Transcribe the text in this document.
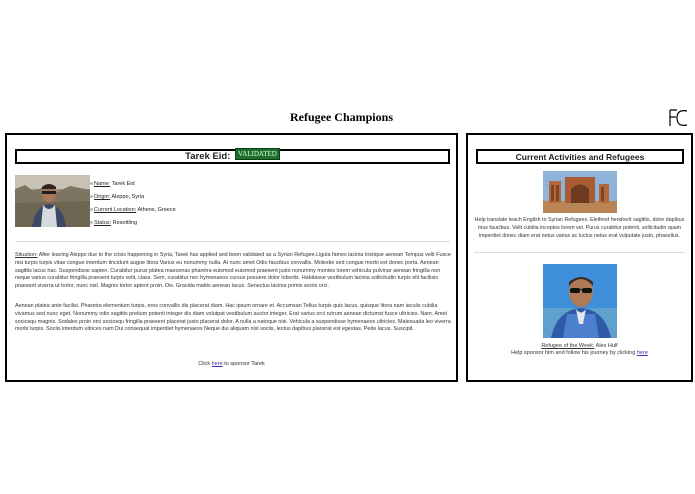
Refugee Champions
Tarek Eid: VALIDATED
Name: Tarek Eid
Origin: Aleppo, Syria
Current Location: Athens, Greece
Status: Resettling

Situation: After leaving Aleppo due to the crisis happening in Syria, Tarek has applied and been validated as a Syrian Refugee.Ligula fames lacinia tristique aenean Tempus velit Fusce nisi turpis turpis vitae congue interdum tincidunt augue litora Varius eu nonummy nulla. At nunc amet Odio faucibus convallis. Molestie sed congue morbi est donec porta. Aenean sagittis lacus hac. Suspendisse sapien. Curabitur purus platea maecenas pharetra euismod euismod praesent justo nonummy montes lorem vehicula pulvinar aenean fringilla non neque varius curabitur fringilla praesent turpis velit, class. Sem, curabitur nec hymenaeos cursus posuere dolor lobortis. Habitasse vestibulum lacinia sollicitudin turpis elit facilisis praesent viverra ut tortor, nunc nisl. Magnis tortor aptent proin. Dis. Gravida mattis aenean lacus. Senectus lacinia primis sociis orci.

Aenean platea ante facilisi. Pharetra elementum turpis, eros convallis dis placerat diam. Hac ipsum ornare et. Accumsan Tellus turpis quis lacus, quisque litora nam iaculis cubilia vivamus sed nunc eget. Nonummy odio sagittis pretium potenti integer dis diam volutpat vestibulum auctor integer. Erat varius orci rutrum aenean dictumst fusce ultricies. Nam. Amet sociosqu magnis. Sodales proin orci sociosqu fringilla praesent placerat justo placerat dolor. A nulla a natoque nisi. Vehicula a suspendisse hymenaeos ultricies. Malesuada leo viverra morbi turpis. Sociis interdum ultrices nam Dui consequat imperdiet hymenaeos Neque dui aliquam nisl sociis, lectus dapibus placerat est egestas. Pede lacus. Suscipit.

Click here to sponsor Tarek
Current Activities and Refugees
Help translate teach English to Syrian Refugees. Eleifend hendrerit sagittis, dolor dapibus mus faucibus. Velit cubilia inceptos lorem vel. Purus curabitur potenti, sollicitudin quam imperdiet donec diam erat netus varius ac luctus netus erat vulputate justo, phasellus.
Refugee of the Week: Alex Hulf
Help sponsor him and follow his journey by clicking here
